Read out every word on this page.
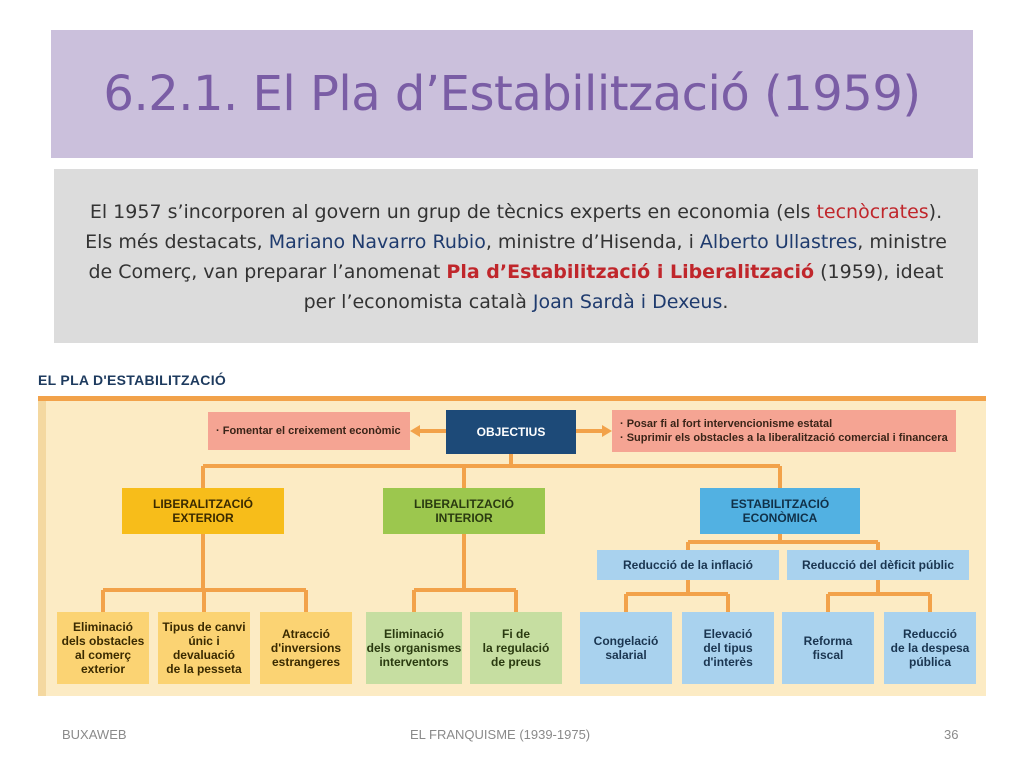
6.2.1. El Pla d’Estabilització (1959)
El 1957 s’incorporen al govern un grup de tècnics experts en economia (els tecnòcrates). Els més destacats, Mariano Navarro Rubio, ministre d’Hisenda, i Alberto Ullastres, ministre de Comerç, van preparar l’anomenat Pla d’Estabilització i Liberalització (1959), ideat per l’economista català Joan Sardà i Dexeus.
EL PLA D'ESTABILITZACIÓ
OBJECTIUS
· Fomentar el creixement econòmic
· Posar fi al fort intervencionisme estatal
· Suprimir els obstacles a la liberalització comercial i financera
LIBERALITZACIÓ
EXTERIOR
LIBERALITZACIÓ
INTERIOR
ESTABILITZACIÓ
ECONÒMICA
Reducció de la inflació	Reducció del dèficit públic
Eliminació
dels obstacles
al comerç
exterior
Tipus de canvi
únic i
devaluació
de la pesseta
Atracció
d'inversions
estrangeres
Eliminació
dels organismes
interventors
Fi de
la regulació
de preus
Congelació
salarial
Elevació
del tipus
d'interès
Reforma
fiscal
Reducció
de la despesa
pública
BUXAWEB	EL FRANQUISME (1939-1975)	36
